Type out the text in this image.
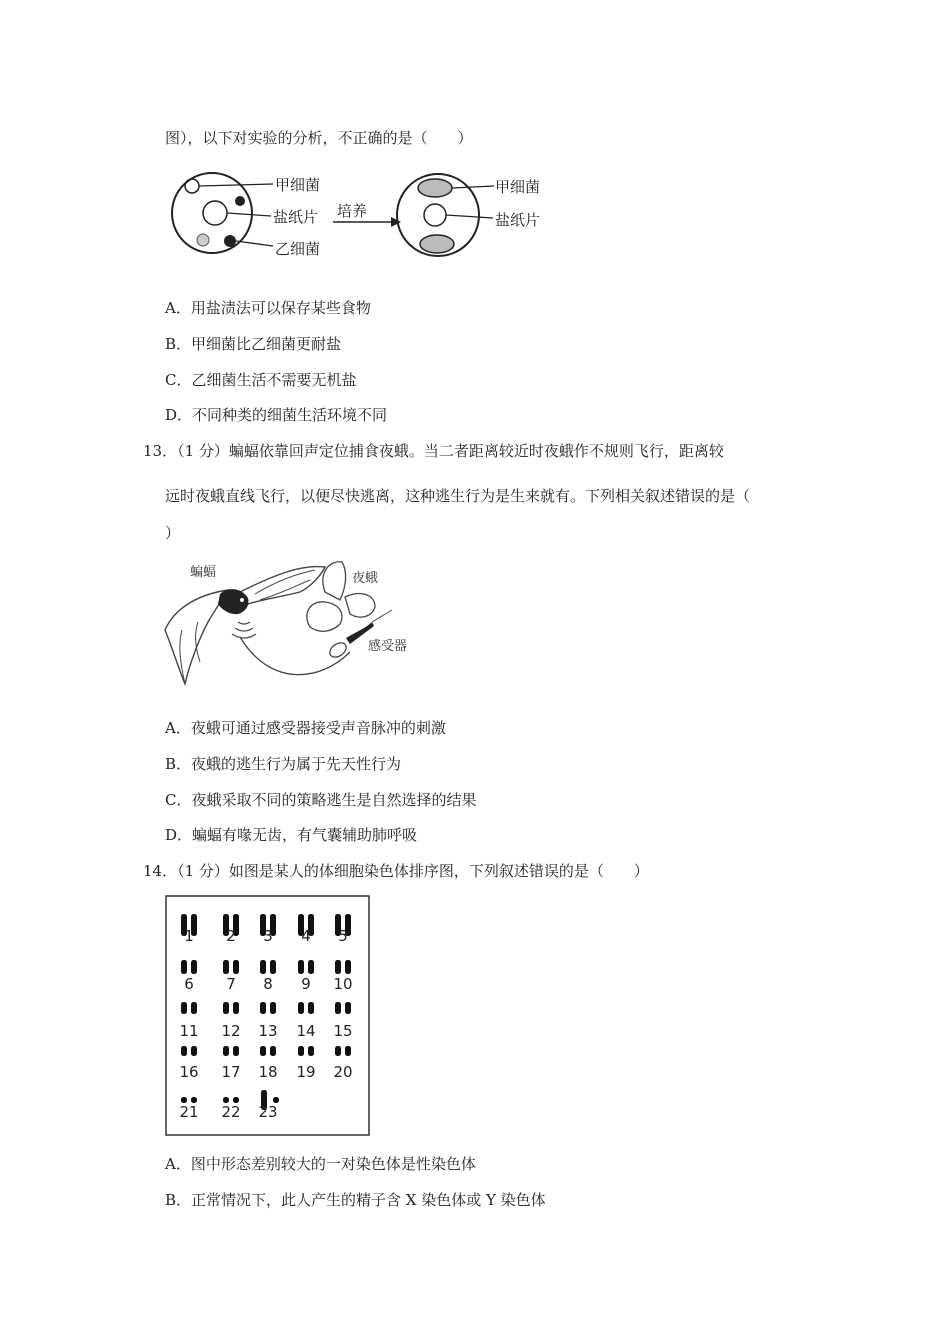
图），以下对实验的分析，不正确的是（　　）
甲细菌
盐纸片
乙细菌
培养
甲细菌
盐纸片
A．用盐渍法可以保存某些食物
B．甲细菌比乙细菌更耐盐
C．乙细菌生活不需要无机盐
D．不同种类的细菌生活环境不同
13．（1 分）蝙蝠依靠回声定位捕食夜蛾。当二者距离较近时夜蛾作不规则飞行，距离较
远时夜蛾直线飞行，以便尽快逃离，这种逃生行为是生来就有。下列相关叙述错误的是（
）
蝙蝠	夜蛾
感受器
A．夜蛾可通过感受器接受声音脉冲的刺激
B．夜蛾的逃生行为属于先天性行为
C．夜蛾采取不同的策略逃生是自然选择的结果
D．蝙蝠有喙无齿，有气囊辅助肺呼吸
14．（1 分）如图是某人的体细胞染色体排序图，下列叙述错误的是（　　）
1 2 3 4 5
6 7 8 9 10
11 12 13 14 15
16 17 18 19 20
21 22 23
A．图中形态差别较大的一对染色体是性染色体
B．正常情况下，此人产生的精子含 X 染色体或 Y 染色体
